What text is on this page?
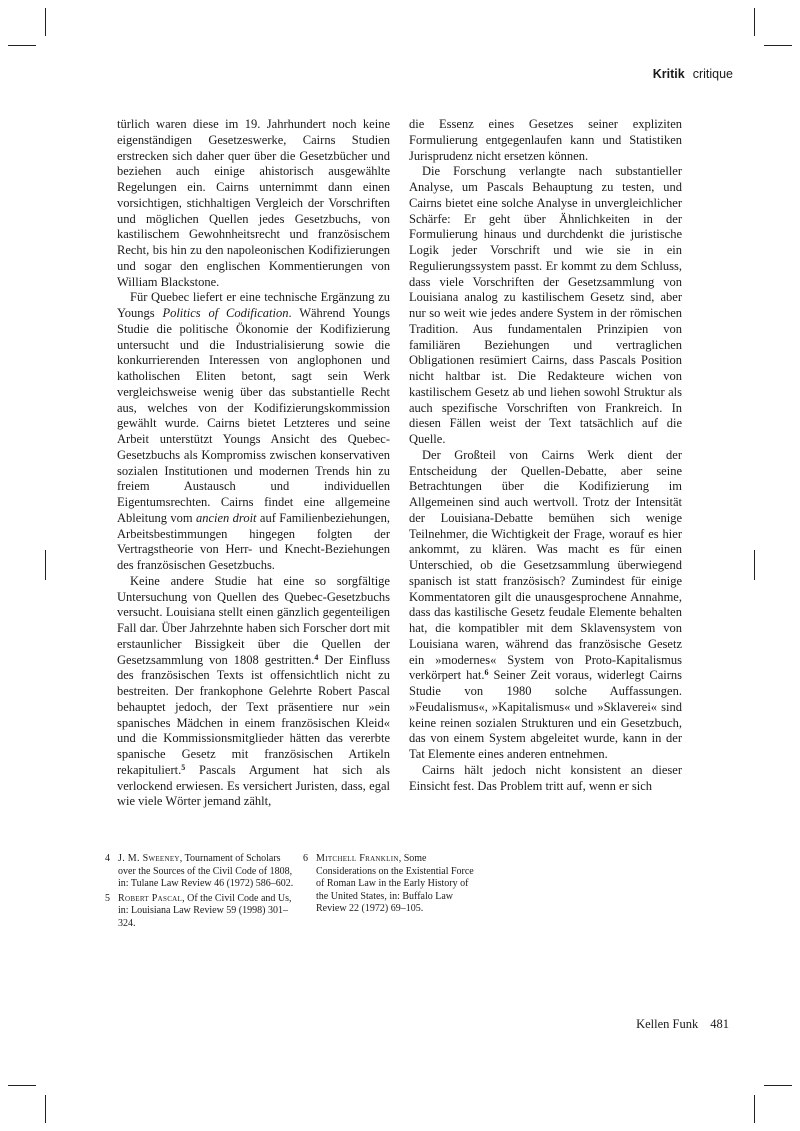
Kritik critique

türlich waren diese im 19. Jahrhundert noch keine eigenständigen Gesetzeswerke, Cairns Studien erstrecken sich daher quer über die Gesetzbücher und beziehen auch einige ahistorisch ausgewählte Regelungen ein. Cairns unternimmt dann einen vorsichtigen, stichhaltigen Vergleich der Vorschriften und möglichen Quellen jedes Gesetzbuchs, von kastilischem Gewohnheitsrecht und französischem Recht, bis hin zu den napoleonischen Kodifizierungen und sogar den englischen Kommentierungen von William Blackstone.

Für Quebec liefert er eine technische Ergänzung zu Youngs Politics of Codification. Während Youngs Studie die politische Ökonomie der Kodifizierung untersucht und die Industrialisierung sowie die konkurrierenden Interessen von anglophonen und katholischen Eliten betont, sagt sein Werk vergleichsweise wenig über das substantielle Recht aus, welches von der Kodifizierungskommission gewählt wurde. Cairns bietet Letzteres und seine Arbeit unterstützt Youngs Ansicht des Quebec-Gesetzbuchs als Kompromiss zwischen konservativen sozialen Institutionen und modernen Trends hin zu freiem Austausch und individuellen Eigentumsrechten. Cairns findet eine allgemeine Ableitung vom ancien droit auf Familienbeziehungen, Arbeitsbestimmungen hingegen folgten der Vertragstheorie von Herr- und Knecht-Beziehungen des französischen Gesetzbuchs.

Keine andere Studie hat eine so sorgfältige Untersuchung von Quellen des Quebec-Gesetzbuchs versucht. Louisiana stellt einen gänzlich gegenteiligen Fall dar. Über Jahrzehnte haben sich Forscher dort mit erstaunlicher Bissigkeit über die Quellen der Gesetzsammlung von 1808 gestritten.$^4$ Der Einfluss des französischen Texts ist offensichtlich nicht zu bestreiten. Der frankophone Gelehrte Robert Pascal behauptet jedoch, der Text präsentiere nur »ein spanisches Mädchen in einem französischen Kleid« und die Kommissionsmitglieder hätten das vererbte spanische Gesetz mit französischen Artikeln rekapituliert.$^5$ Pascals Argument hat sich als verlockend erwiesen. Es versichert Juristen, dass, egal wie viele Wörter jemand zählt,

die Essenz eines Gesetzes seiner expliziten Formulierung entgegenlaufen kann und Statistiken Jurisprudenz nicht ersetzen können.

Die Forschung verlangte nach substantieller Analyse, um Pascals Behauptung zu testen, und Cairns bietet eine solche Analyse in unvergleichlicher Schärfe: Er geht über Ähnlichkeiten in der Formulierung hinaus und durchdenkt die juristische Logik jeder Vorschrift und wie sie in ein Regulierungssystem passt. Er kommt zu dem Schluss, dass viele Vorschriften der Gesetzsammlung von Louisiana analog zu kastilischem Gesetz sind, aber nur so weit wie jedes andere System in der römischen Tradition. Aus fundamentalen Prinzipien von familiären Beziehungen und vertraglichen Obligationen resümiert Cairns, dass Pascals Position nicht haltbar ist. Die Redakteure wichen von kastilischem Gesetz ab und liehen sowohl Struktur als auch spezifische Vorschriften von Frankreich. In diesen Fällen weist der Text tatsächlich auf die Quelle.

Der Großteil von Cairns Werk dient der Entscheidung der Quellen-Debatte, aber seine Betrachtungen über die Kodifizierung im Allgemeinen sind auch wertvoll. Trotz der Intensität der Louisiana-Debatte bemühen sich wenige Teilnehmer, die Wichtigkeit der Frage, worauf es hier ankommt, zu klären. Was macht es für einen Unterschied, ob die Gesetzsammlung überwiegend spanisch ist statt französisch? Zumindest für einige Kommentatoren gilt die unausgesprochene Annahme, dass das kastilische Gesetz feudale Elemente behalten hat, die kompatibler mit dem Sklavensystem von Louisiana waren, während das französische Gesetz ein »modernes« System von Proto-Kapitalismus verkörpert hat.$^6$ Seiner Zeit voraus, widerlegt Cairns Studie von 1980 solche Auffassungen. »Feudalismus«, »Kapitalismus« und »Sklaverei« sind keine reinen sozialen Strukturen und ein Gesetzbuch, das von einem System abgeleitet wurde, kann in der Tat Elemente eines anderen entnehmen.

Cairns hält jedoch nicht konsistent an dieser Einsicht fest. Das Problem tritt auf, wenn er sich

4 J. M. Sweeney, Tournament of Scholars over the Sources of the Civil Code of 1808, in: Tulane Law Review 46 (1972) 586–602.
5 Robert Pascal, Of the Civil Code and Us, in: Louisiana Law Review 59 (1998) 301–324.
6 Mitchell Franklin, Some Considerations on the Existential Force of Roman Law in the Early History of the United States, in: Buffalo Law Review 22 (1972) 69–105.
Kellen Funk 481
